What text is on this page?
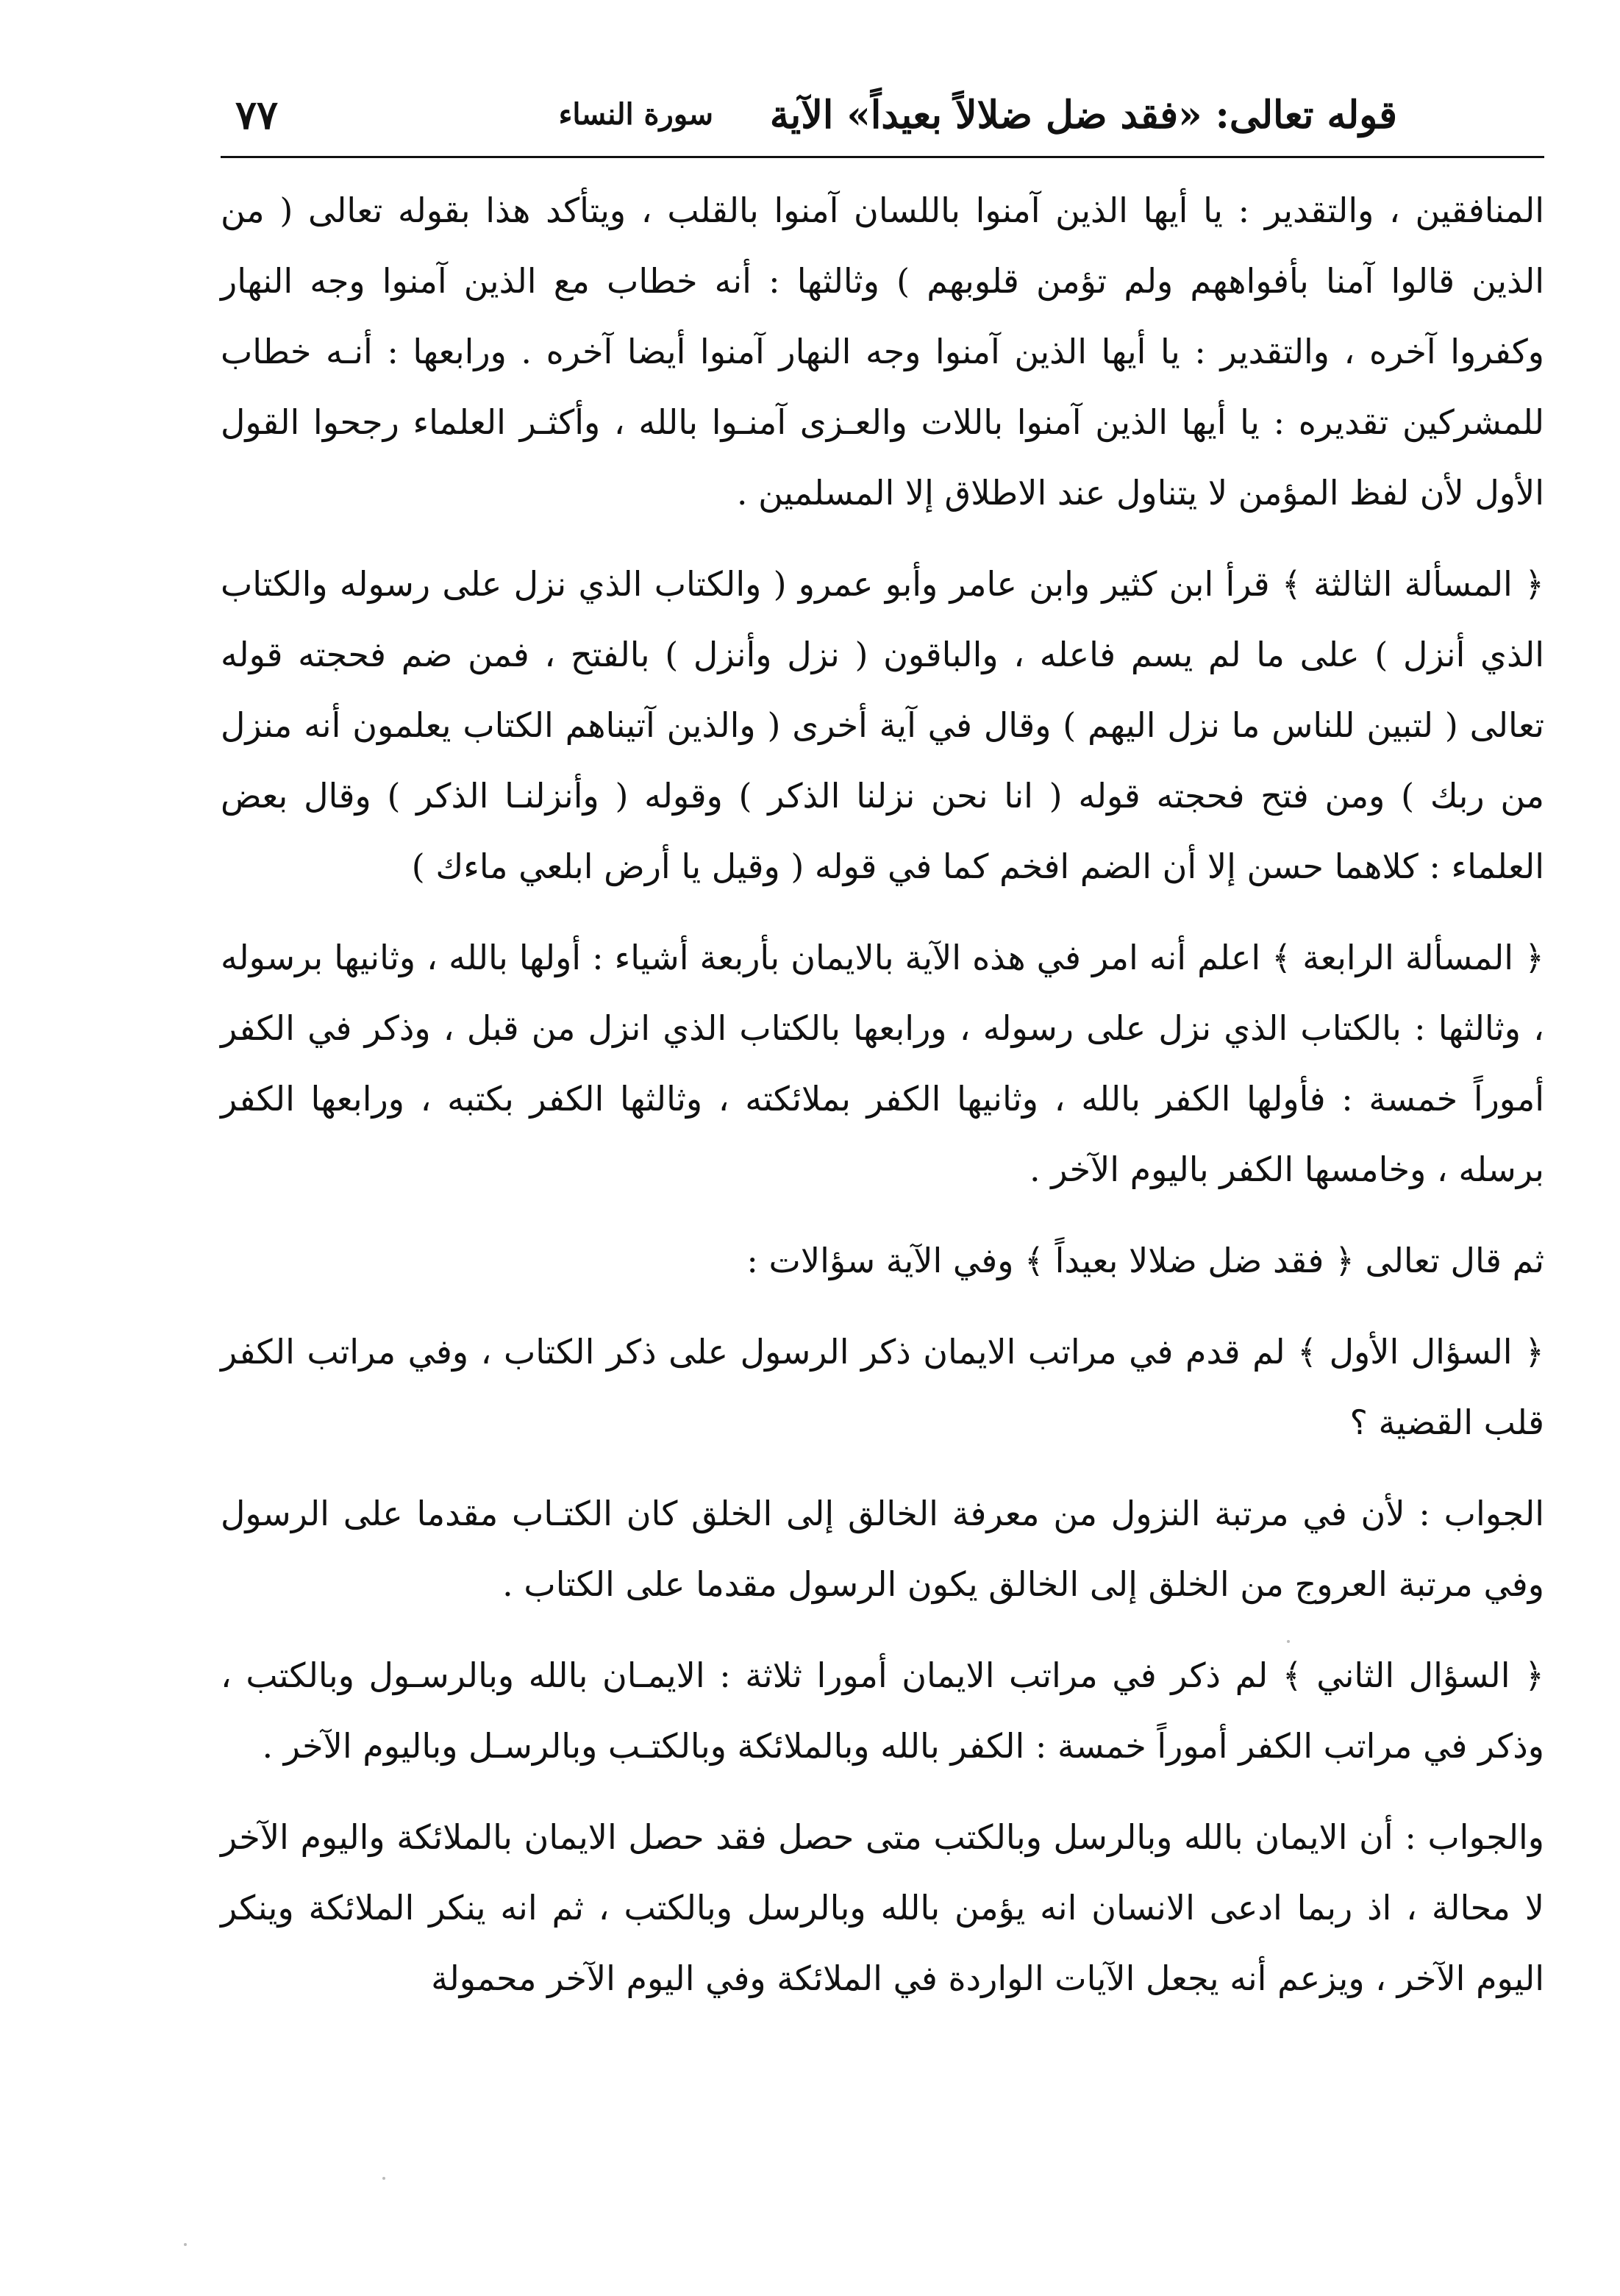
قوله تعالى: «فقد ضل ضلالاً بعيداً» الآية
سورة النساء
٧٧

المنافقين ، والتقدير : يا أيها الذين آمنوا باللسان آمنوا بالقلب ، ويتأكد هذا بقوله تعالى ( من الذين قالوا آمنا بأفواههم ولم تؤمن قلوبهم ) وثالثها : أنه خطاب مع الذين آمنوا وجه النهار وكفروا آخره ، والتقدير : يا أيها الذين آمنوا وجه النهار آمنوا أيضا آخره . ورابعها : أنـه خطاب للمشركين تقديره : يا أيها الذين آمنوا باللات والعـزى آمنـوا بالله ، وأكثـر العلماء رجحوا القول الأول لأن لفظ المؤمن لا يتناول عند الاطلاق إلا المسلمين .

﴿ المسألة الثالثة ﴾ قرأ ابن كثير وابن عامر وأبو عمرو ( والكتاب الذي نزل على رسوله والكتاب الذي أنزل ) على ما لم يسم فاعله ، والباقون ( نزل وأنزل ) بالفتح ، فمن ضم فحجته قوله تعالى ( لتبين للناس ما نزل اليهم ) وقال في آية أخرى ( والذين آتيناهم الكتاب يعلمون أنه منزل من ربك ) ومن فتح فحجته قوله ( انا نحن نزلنا الذكر ) وقوله ( وأنزلنـا الذكر ) وقال بعض العلماء : كلاهما حسن إلا أن الضم افخم كما في قوله ( وقيل يا أرض ابلعي ماءك )

﴿ المسألة الرابعة ﴾ اعلم أنه امر في هذه الآية بالايمان بأربعة أشياء : أولها بالله ، وثانيها برسوله ، وثالثها : بالكتاب الذي نزل على رسوله ، ورابعها بالكتاب الذي انزل من قبل ، وذكر في الكفر أموراً خمسة : فأولها الكفر بالله ، وثانيها الكفر بملائكته ، وثالثها الكفر بكتبه ، ورابعها الكفر برسله ، وخامسها الكفر باليوم الآخر .

ثم قال تعالى ﴿ فقد ضل ضلالا بعيداً ﴾ وفي الآية سؤالات :

﴿ السؤال الأول ﴾ لم قدم في مراتب الايمان ذكر الرسول على ذكر الكتاب ، وفي مراتب الكفر قلب القضية ؟

الجواب : لأن في مرتبة النزول من معرفة الخالق إلى الخلق كان الكتـاب مقدما على الرسول وفي مرتبة العروج من الخلق إلى الخالق يكون الرسول مقدما على الكتاب .

﴿ السؤال الثاني ﴾ لم ذكر في مراتب الايمان أمورا ثلاثة : الايمـان بالله وبالرسـول وبالكتب ، وذكر في مراتب الكفر أموراً خمسة : الكفر بالله وبالملائكة وبالكتـب وبالرسـل وباليوم الآخر .

والجواب : أن الايمان بالله وبالرسل وبالكتب متى حصل فقد حصل الايمان بالملائكة واليوم الآخر لا محالة ، اذ ربما ادعى الانسان انه يؤمن بالله وبالرسل وبالكتب ، ثم انه ينكر الملائكة وينكر اليوم الآخر ، ويزعم أنه يجعل الآيات الواردة في الملائكة وفي اليوم الآخر محمولة
